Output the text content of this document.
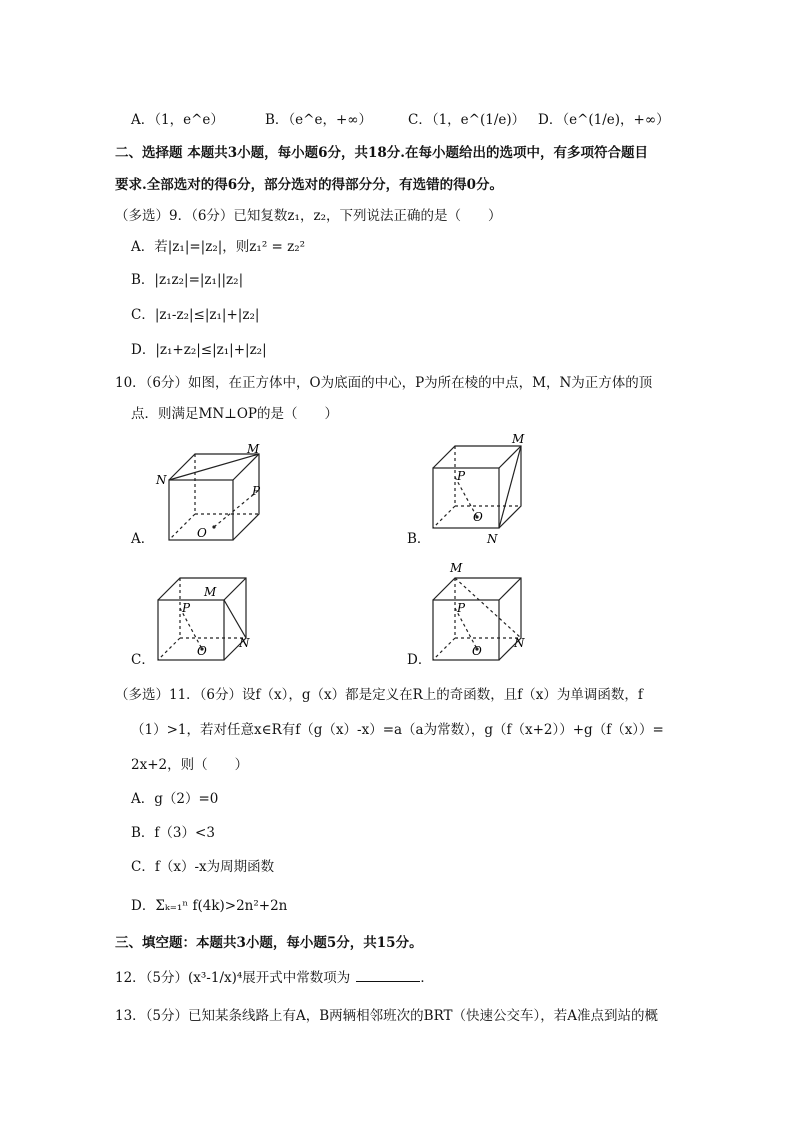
A．（1，e^e）	B．（e^e，+∞）	C．（1，e^(1/e)） D．（e^(1/e)，+∞）
二、选择题 本题共3小题，每小题6分，共18分.在每小题给出的选项中，有多项符合题目
要求.全部选对的得6分，部分选对的得部分分，有选错的得0分。
（多选）9．（6分）已知复数z₁，z₂，下列说法正确的是（　　）
A．若|z₁|=|z₂|，则z₁² = z₂²
B．|z₁z₂|=|z₁||z₂|
C．|z₁-z₂|≤|z₁|+|z₂|
D．|z₁+z₂|≤|z₁|+|z₂|
10．（6分）如图，在正方体中，O为底面的中心，P为所在棱的中点，M，N为正方体的顶
点．则满足MN⊥OP的是（　　）
A．
M
N
P
O	B．
M
P
O
N
C．
M
P
O
N
D．
M
P
O
N
（多选）11．（6分）设f（x），g（x）都是定义在R上的奇函数，且f（x）为单调函数，f
（1）>1，若对任意x∈R有f（g（x）-x）=a（a为常数），g（f（x+2））+g（f（x））=
2x+2，则（　　）
A．g（2）=0
B．f（3）<3
C．f（x）-x为周期函数
D．Σₖ₌₁ⁿ f(4k)>2n²+2n
三、填空题：本题共3小题，每小题5分，共15分。
12．（5分）(x³-1/x)⁴展开式中常数项为	．
13．（5分）已知某条线路上有A，B两辆相邻班次的BRT（快速公交车），若A准点到站的概
